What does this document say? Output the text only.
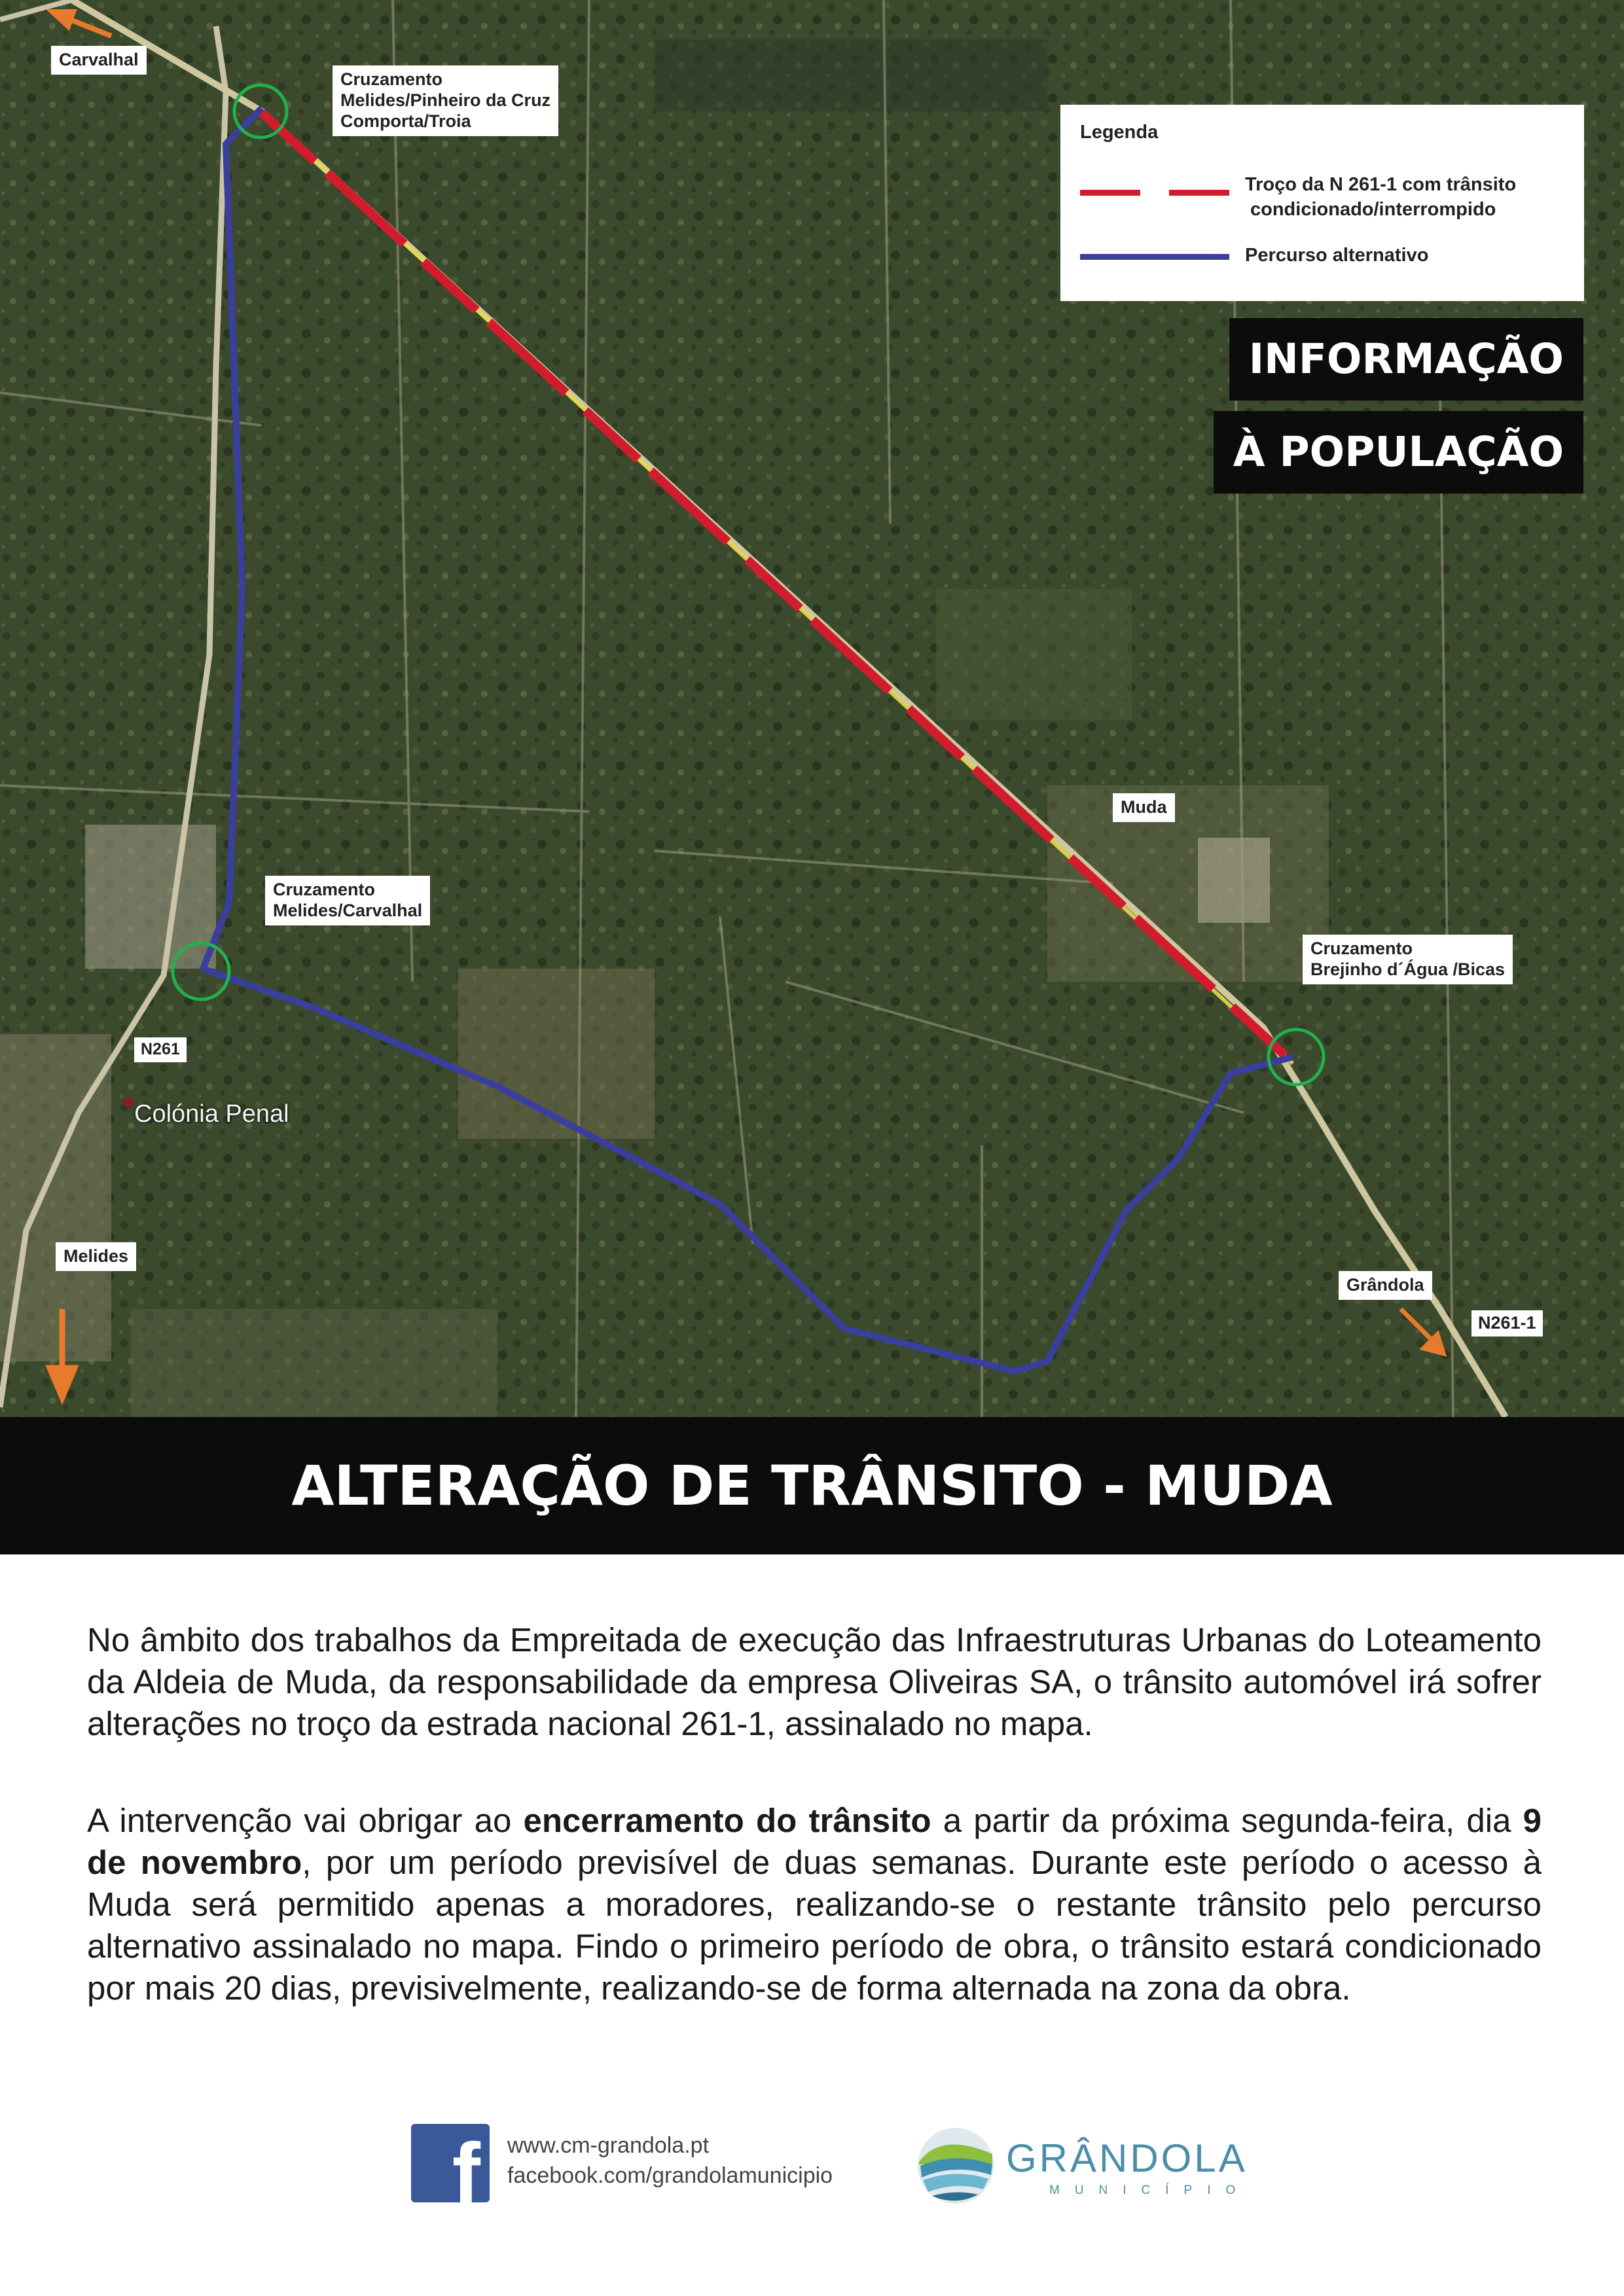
Carvalhal
Melides
Muda
Grândola
N261
N261-1
Colónia Penal
Cruzamento
Melides/Pinheiro da Cruz
Comporta/Troia
Cruzamento
Melides/Carvalhal
Cruzamento
Brejinho d´Água /Bicas
Legenda
Troço da N 261-1 com trânsito
condicionado/interrompido
Percurso alternativo
INFORMAÇÃO
À POPULAÇÃO
ALTERAÇÃO DE TRÂNSITO - MUDA
No âmbito dos trabalhos da Empreitada de execução das Infraestruturas Urbanas do Loteamento da Aldeia de Muda, da responsabilidade da empresa Oliveiras SA, o trânsito automóvel irá sofrer alterações no troço da estrada nacional 261-1, assinalado no mapa.
A intervenção vai obrigar ao encerramento do trânsito a partir da próxima segunda-feira, dia 9 de novembro, por um período previsível de duas semanas. Durante este período o acesso à Muda será permitido apenas a moradores, realizando-se o restante trânsito pelo percurso alternativo assinalado no mapa. Findo o primeiro período de obra, o trânsito estará condicionado por mais 20 dias, previsivelmente, realizando-se de forma alternada na zona da obra.
f	www.cm-grandola.pt
facebook.com/grandolamunicipio	GRÂNDOLA
MUNICÍPIO
